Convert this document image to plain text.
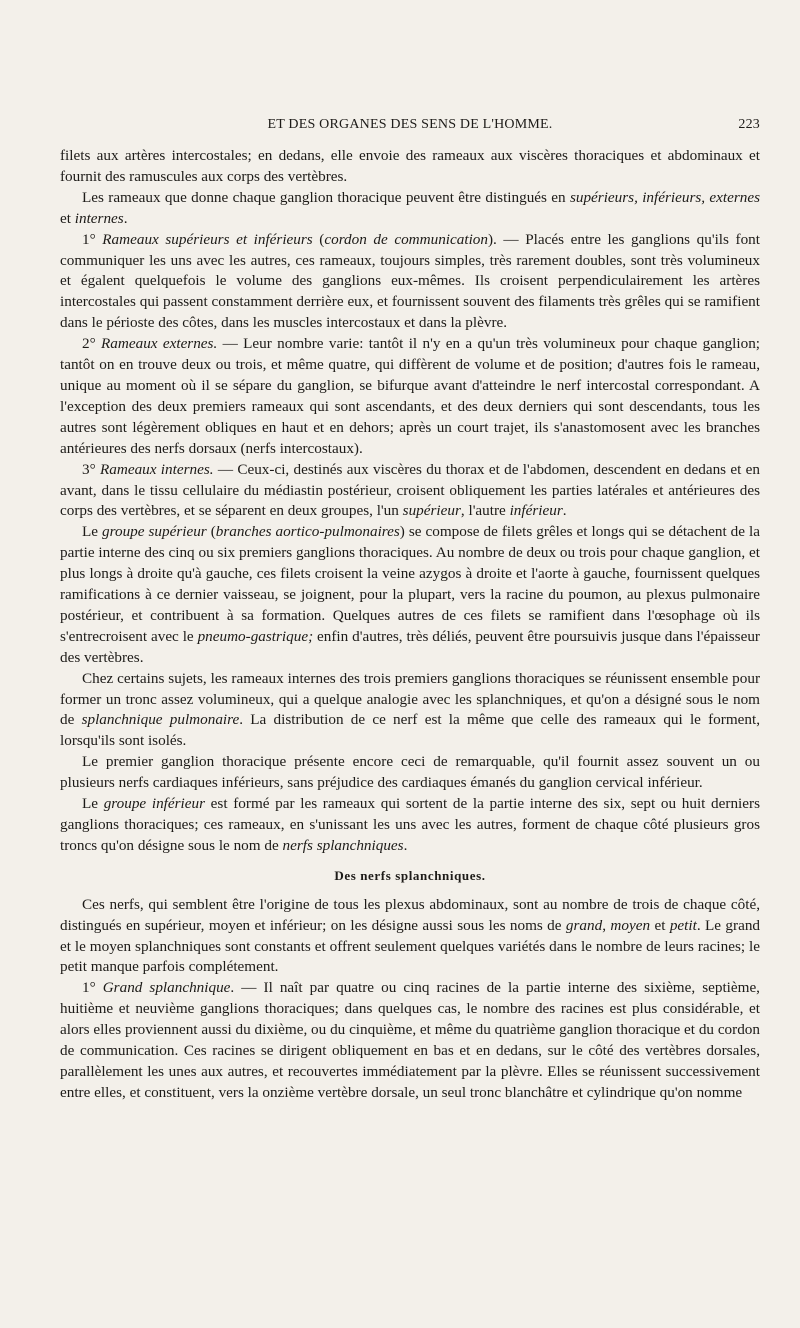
ET DES ORGANES DES SENS DE L'HOMME.	223

filets aux artères intercostales; en dedans, elle envoie des rameaux aux viscères thoraciques et abdominaux et fournit des ramuscules aux corps des vertèbres.

Les rameaux que donne chaque ganglion thoracique peuvent être distingués en supérieurs, inférieurs, externes et internes.

1° Rameaux supérieurs et inférieurs (cordon de communication). — Placés entre les ganglions qu'ils font communiquer les uns avec les autres, ces rameaux, toujours simples, très rarement doubles, sont très volumineux et égalent quelquefois le volume des ganglions eux-mêmes. Ils croisent perpendiculairement les artères intercostales qui passent constamment derrière eux, et fournissent souvent des filaments très grêles qui se ramifient dans le périoste des côtes, dans les muscles intercostaux et dans la plèvre.

2° Rameaux externes. — Leur nombre varie: tantôt il n'y en a qu'un très volumineux pour chaque ganglion; tantôt on en trouve deux ou trois, et même quatre, qui diffèrent de volume et de position; d'autres fois le rameau, unique au moment où il se sépare du ganglion, se bifurque avant d'atteindre le nerf intercostal correspondant. A l'exception des deux premiers rameaux qui sont ascendants, et des deux derniers qui sont descendants, tous les autres sont légèrement obliques en haut et en dehors; après un court trajet, ils s'anastomosent avec les branches antérieures des nerfs dorsaux (nerfs intercostaux).

3° Rameaux internes. — Ceux-ci, destinés aux viscères du thorax et de l'abdomen, descendent en dedans et en avant, dans le tissu cellulaire du médiastin postérieur, croisent obliquement les parties latérales et antérieures des corps des vertèbres, et se séparent en deux groupes, l'un supérieur, l'autre inférieur.

Le groupe supérieur (branches aortico-pulmonaires) se compose de filets grêles et longs qui se détachent de la partie interne des cinq ou six premiers ganglions thoraciques. Au nombre de deux ou trois pour chaque ganglion, et plus longs à droite qu'à gauche, ces filets croisent la veine azygos à droite et l'aorte à gauche, fournissent quelques ramifications à ce dernier vaisseau, se joignent, pour la plupart, vers la racine du poumon, au plexus pulmonaire postérieur, et contribuent à sa formation. Quelques autres de ces filets se ramifient dans l'œsophage où ils s'entrecroisent avec le pneumo-gastrique; enfin d'autres, très déliés, peuvent être poursuivis jusque dans l'épaisseur des vertèbres.

Chez certains sujets, les rameaux internes des trois premiers ganglions thoraciques se réunissent ensemble pour former un tronc assez volumineux, qui a quelque analogie avec les splanchniques, et qu'on a désigné sous le nom de splanchnique pulmonaire. La distribution de ce nerf est la même que celle des rameaux qui le forment, lorsqu'ils sont isolés.

Le premier ganglion thoracique présente encore ceci de remarquable, qu'il fournit assez souvent un ou plusieurs nerfs cardiaques inférieurs, sans préjudice des cardiaques émanés du ganglion cervical inférieur.

Le groupe inférieur est formé par les rameaux qui sortent de la partie interne des six, sept ou huit derniers ganglions thoraciques; ces rameaux, en s'unissant les uns avec les autres, forment de chaque côté plusieurs gros troncs qu'on désigne sous le nom de nerfs splanchniques.

Des nerfs splanchniques.

Ces nerfs, qui semblent être l'origine de tous les plexus abdominaux, sont au nombre de trois de chaque côté, distingués en supérieur, moyen et inférieur; on les désigne aussi sous les noms de grand, moyen et petit. Le grand et le moyen splanchniques sont constants et offrent seulement quelques variétés dans le nombre de leurs racines; le petit manque parfois complétement.

1° Grand splanchnique. — Il naît par quatre ou cinq racines de la partie interne des sixième, septième, huitième et neuvième ganglions thoraciques; dans quelques cas, le nombre des racines est plus considérable, et alors elles proviennent aussi du dixième, ou du cinquième, et même du quatrième ganglion thoracique et du cordon de communication. Ces racines se dirigent obliquement en bas et en dedans, sur le côté des vertèbres dorsales, parallèlement les unes aux autres, et recouvertes immédiatement par la plèvre. Elles se réunissent successivement entre elles, et constituent, vers la onzième vertèbre dorsale, un seul tronc blanchâtre et cylindrique qu'on nomme
